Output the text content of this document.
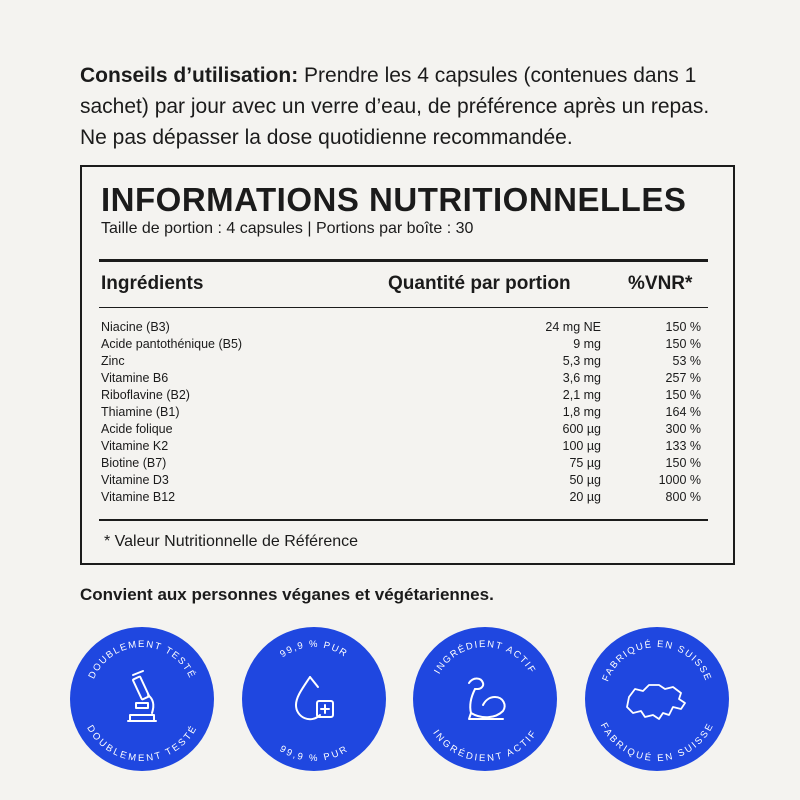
Conseils d’utilisation: Prendre les 4 capsules (contenues dans 1 sachet) par jour avec un verre d’eau, de préférence après un repas. Ne pas dépasser la dose quotidienne recommandée.

INFORMATIONS NUTRITIONNELLES
Taille de portion : 4 capsules | Portions par boîte : 30
Ingrédients	Quantité par portion	%VNR*
Niacine (B3)	24 mg NE	150 %
Acide pantothénique (B5)	9 mg	150 %
Zinc	5,3 mg	53 %
Vitamine B6	3,6 mg	257 %
Riboflavine (B2)	2,1 mg	150 %
Thiamine (B1)	1,8 mg	164 %
Acide folique	600 µg	300 %
Vitamine K2	100 µg	133 %
Biotine (B7)	75 µg	150 %
Vitamine D3	50 µg	1000 %
Vitamine B12	20 µg	800 %
* Valeur Nutritionnelle de Référence
Convient aux personnes véganes et végétariennes.
DOUBLEMENT TESTÉ
DOUBLEMENT TESTÉ
99,9 % PUR
99,9 % PUR
INGRÉDIENT ACTIF
INGRÉDIENT ACTIF
FABRIQUÉ EN SUISSE
FABRIQUÉ EN SUISSE
